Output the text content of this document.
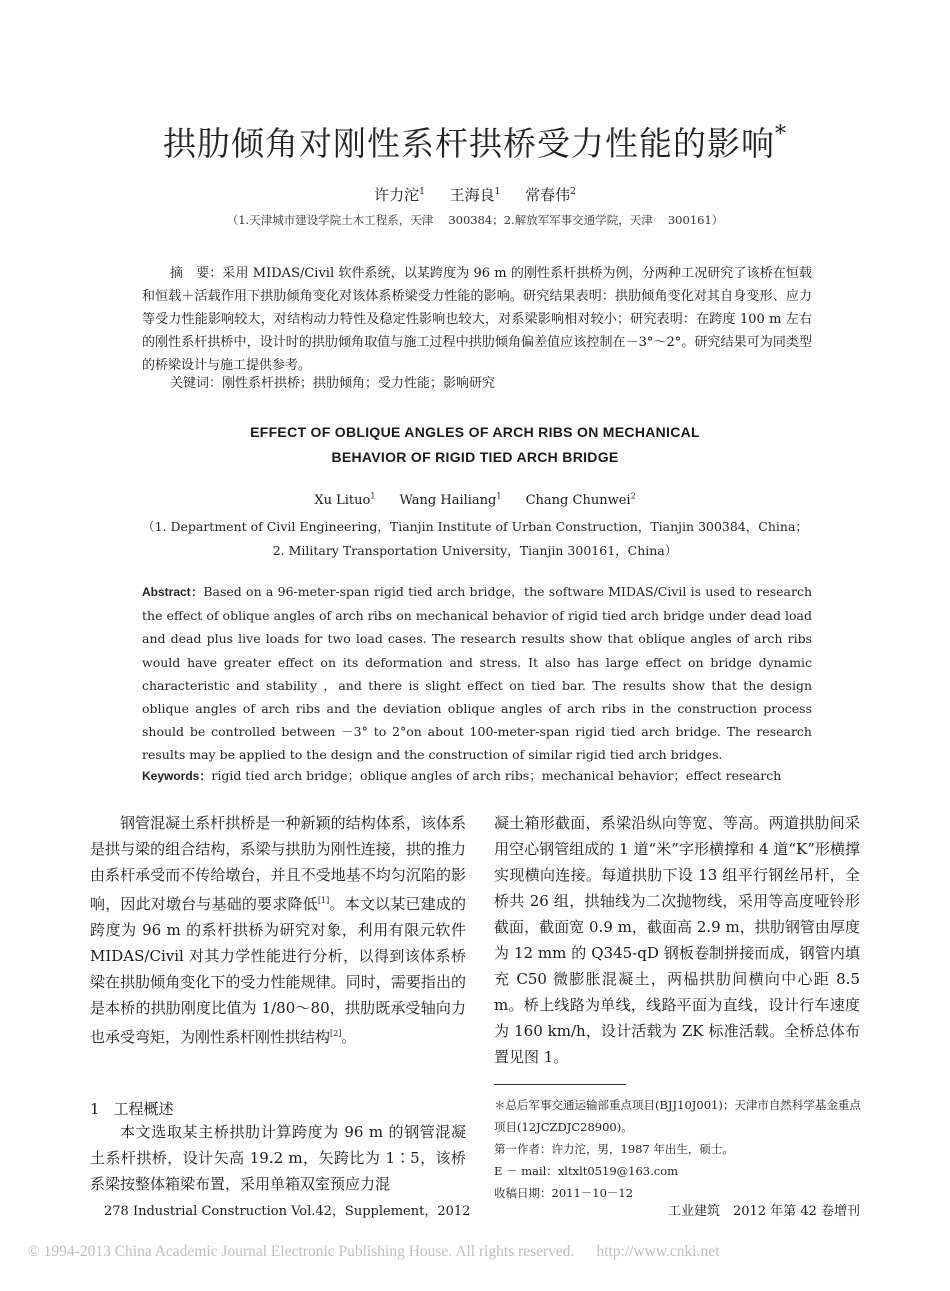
拱肋倾角对刚性系杆拱桥受力性能的影响*
许力沱$^1$ 王海良$^1$ 常春伟$^2$
（1.天津城市建设学院土木工程系，天津　 300384；2.解放军军事交通学院，天津　 300161）
摘　要：采用 MIDAS/Civil 软件系统，以某跨度为 96 m 的刚性系杆拱桥为例，分两种工况研究了该桥在恒载和恒载＋活载作用下拱肋倾角变化对该体系桥梁受力性能的影响。研究结果表明：拱肋倾角变化对其自身变形、应力等受力性能影响较大，对结构动力特性及稳定性影响也较大，对系梁影响相对较小；研究表明：在跨度 100 m 左右的刚性系杆拱桥中，设计时的拱肋倾角取值与施工过程中拱肋倾角偏差值应该控制在－3°～2°。研究结果可为同类型的桥梁设计与施工提供参考。
关键词：刚性系杆拱桥；拱肋倾角；受力性能；影响研究
EFFECT OF OBLIQUE ANGLES OF ARCH RIBS ON MECHANICAL
BEHAVIOR OF RIGID TIED ARCH BRIDGE
Xu Lituo$^1$ Wang Hailiang$^1$ Chang Chunwei$^2$
（1. Department of Civil Engineering，Tianjin Institute of Urban Construction，Tianjin 300384，China；
2. Military Transportation University，Tianjin 300161，China）
Abstract：Based on a 96-meter-span rigid tied arch bridge，the software MIDAS/Civil is used to research the effect of oblique angles of arch ribs on mechanical behavior of rigid tied arch bridge under dead load and dead plus live loads for two load cases. The research results show that oblique angles of arch ribs would have greater effect on its deformation and stress. It also has large effect on bridge dynamic characteristic and stability ，and there is slight effect on tied bar. The results show that the design oblique angles of arch ribs and the deviation oblique angles of arch ribs in the construction process should be controlled between －3° to 2°on about 100-meter-span rigid tied arch bridge. The research results may be applied to the design and the construction of similar rigid tied arch bridges.
Keywords：rigid tied arch bridge；oblique angles of arch ribs；mechanical behavior；effect research

钢管混凝土系杆拱桥是一种新颖的结构体系，该体系是拱与梁的组合结构，系梁与拱肋为刚性连接，拱的推力由系杆承受而不传给墩台，并且不受地基不均匀沉陷的影响，因此对墩台与基础的要求降低[1]。本文以某已建成的跨度为 96 m 的系杆拱桥为研究对象，利用有限元软件 MIDAS/Civil 对其力学性能进行分析，以得到该体系桥梁在拱肋倾角变化下的受力性能规律。同时，需要指出的是本桥的拱肋刚度比值为 1/80～80，拱肋既承受轴向力也承受弯矩，为刚性系杆刚性拱结构[2]。

1 工程概述

本文选取某主桥拱肋计算跨度为 96 m 的钢管混凝土系杆拱桥，设计矢高 19.2 m，矢跨比为 1∶5，该桥系梁按整体箱梁布置，采用单箱双室预应力混

凝土箱形截面，系梁沿纵向等宽、等高。两道拱肋间采用空心钢管组成的 1 道“米”字形横撑和 4 道“K”形横撑实现横向连接。每道拱肋下设 13 组平行钢丝吊杆，全桥共 26 组，拱轴线为二次抛物线，采用等高度哑铃形截面，截面宽 0.9 m，截面高 2.9 m，拱肋钢管由厚度为 12 mm 的 Q345-qD 钢板卷制拼接而成，钢管内填充 C50 微膨胀混凝土，两榀拱肋间横向中心距 8.5 m。桥上线路为单线，线路平面为直线，设计行车速度为 160 km/h，设计活载为 ZK 标准活载。全桥总体布置见图 1。

＊总后军事交通运输部重点项目(BJJ10J001)；天津市自然科学基金重点项目(12JCZDJC28900)。
第一作者：许力沱，男，1987 年出生，硕士。
E － mail：xltxlt0519@163.com
收稿日期：2011－10－12
278 Industrial Construction Vol.42，Supplement，2012	工业建筑　2012 年第 42 卷增刊
© 1994-2013 China Academic Journal Electronic Publishing House. All rights reserved. http://www.cnki.net
